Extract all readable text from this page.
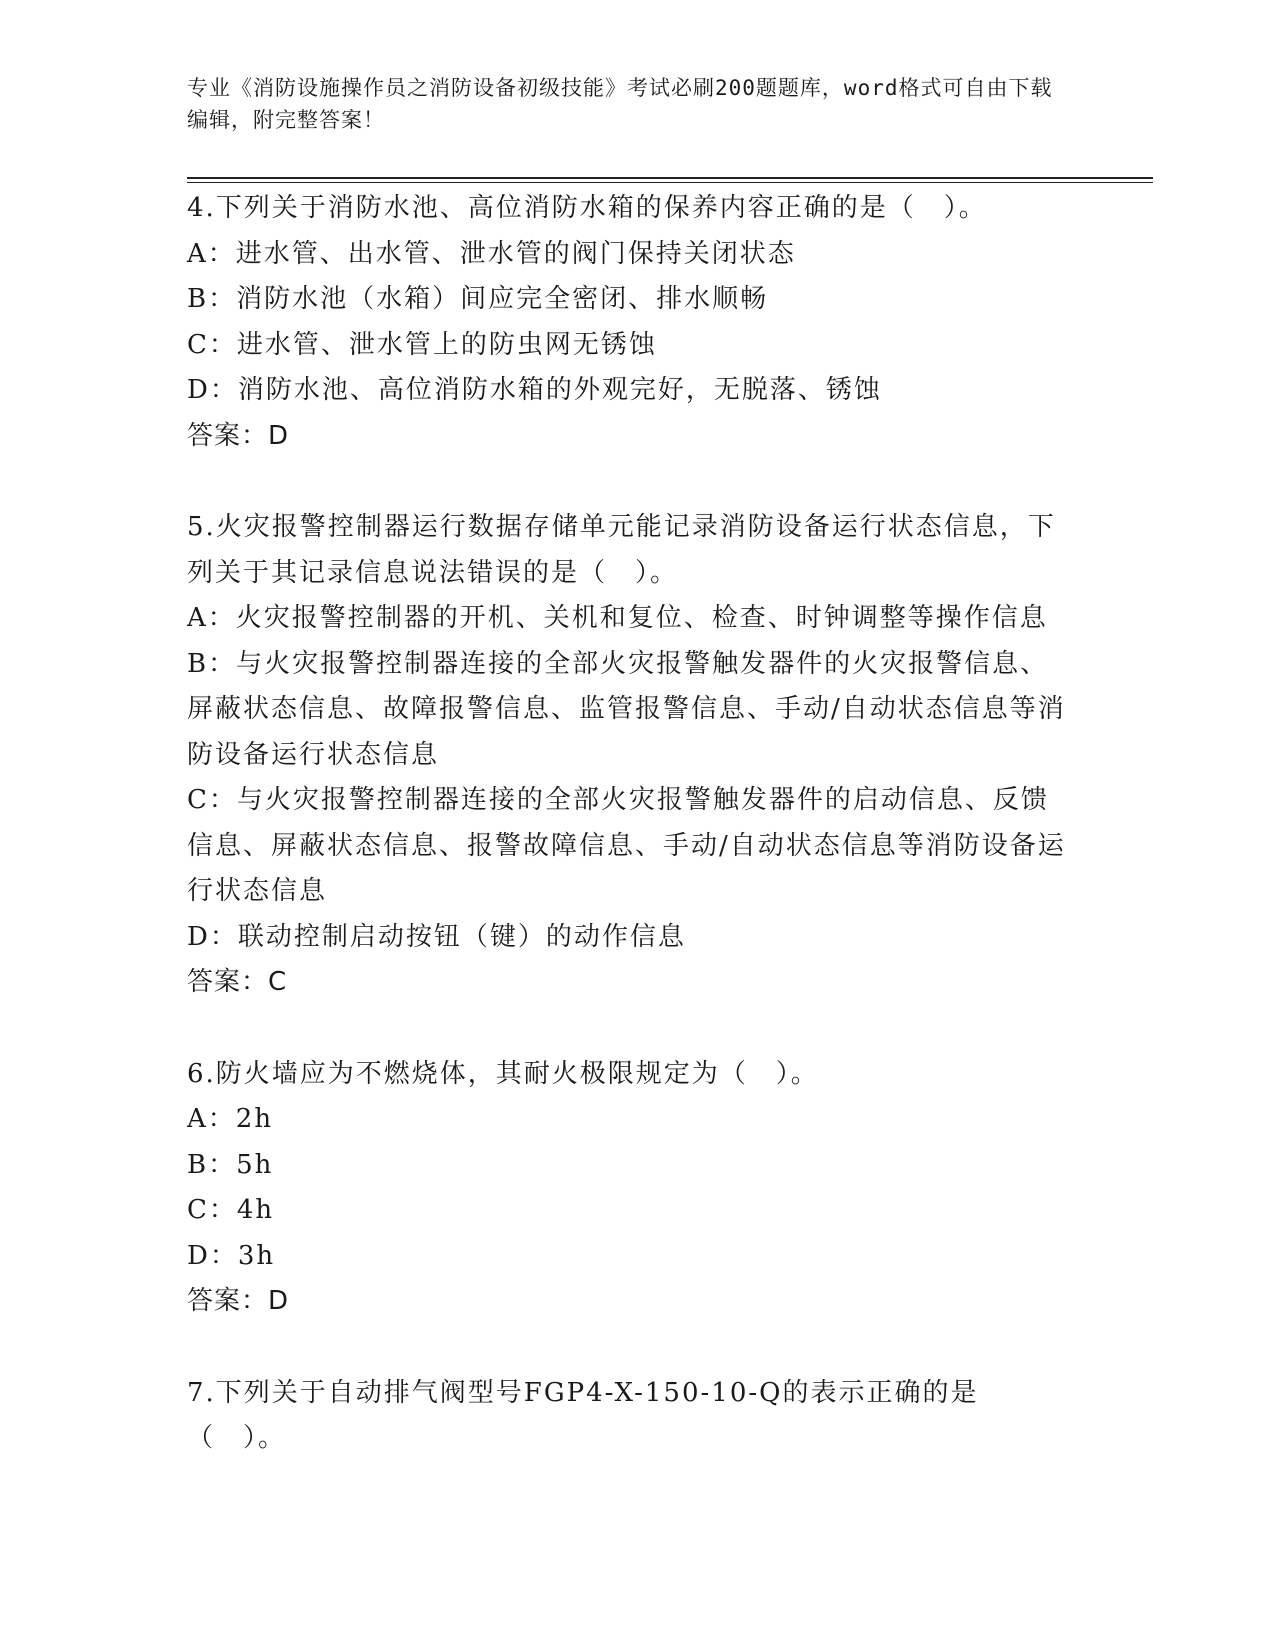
专业《消防设施操作员之消防设备初级技能》考试必刷200题题库，word格式可自由下载编辑，附完整答案！

4.下列关于消防水池、高位消防水箱的保养内容正确的是（　）。

A：进水管、出水管、泄水管的阀门保持关闭状态

B：消防水池（水箱）间应完全密闭、排水顺畅

C：进水管、泄水管上的防虫网无锈蚀

D：消防水池、高位消防水箱的外观完好，无脱落、锈蚀

答案：D

5.火灾报警控制器运行数据存储单元能记录消防设备运行状态信息，下列关于其记录信息说法错误的是（　）。

A：火灾报警控制器的开机、关机和复位、检查、时钟调整等操作信息

B：与火灾报警控制器连接的全部火灾报警触发器件的火灾报警信息、屏蔽状态信息、故障报警信息、监管报警信息、手动/自动状态信息等消防设备运行状态信息

C：与火灾报警控制器连接的全部火灾报警触发器件的启动信息、反馈信息、屏蔽状态信息、报警故障信息、手动/自动状态信息等消防设备运行状态信息

D：联动控制启动按钮（键）的动作信息

答案：C

6.防火墙应为不燃烧体，其耐火极限规定为（　）。

A：2h

B：5h

C：4h

D：3h

答案：D

7.下列关于自动排气阀型号FGP4-X-150-10-Q的表示正确的是（　）。
